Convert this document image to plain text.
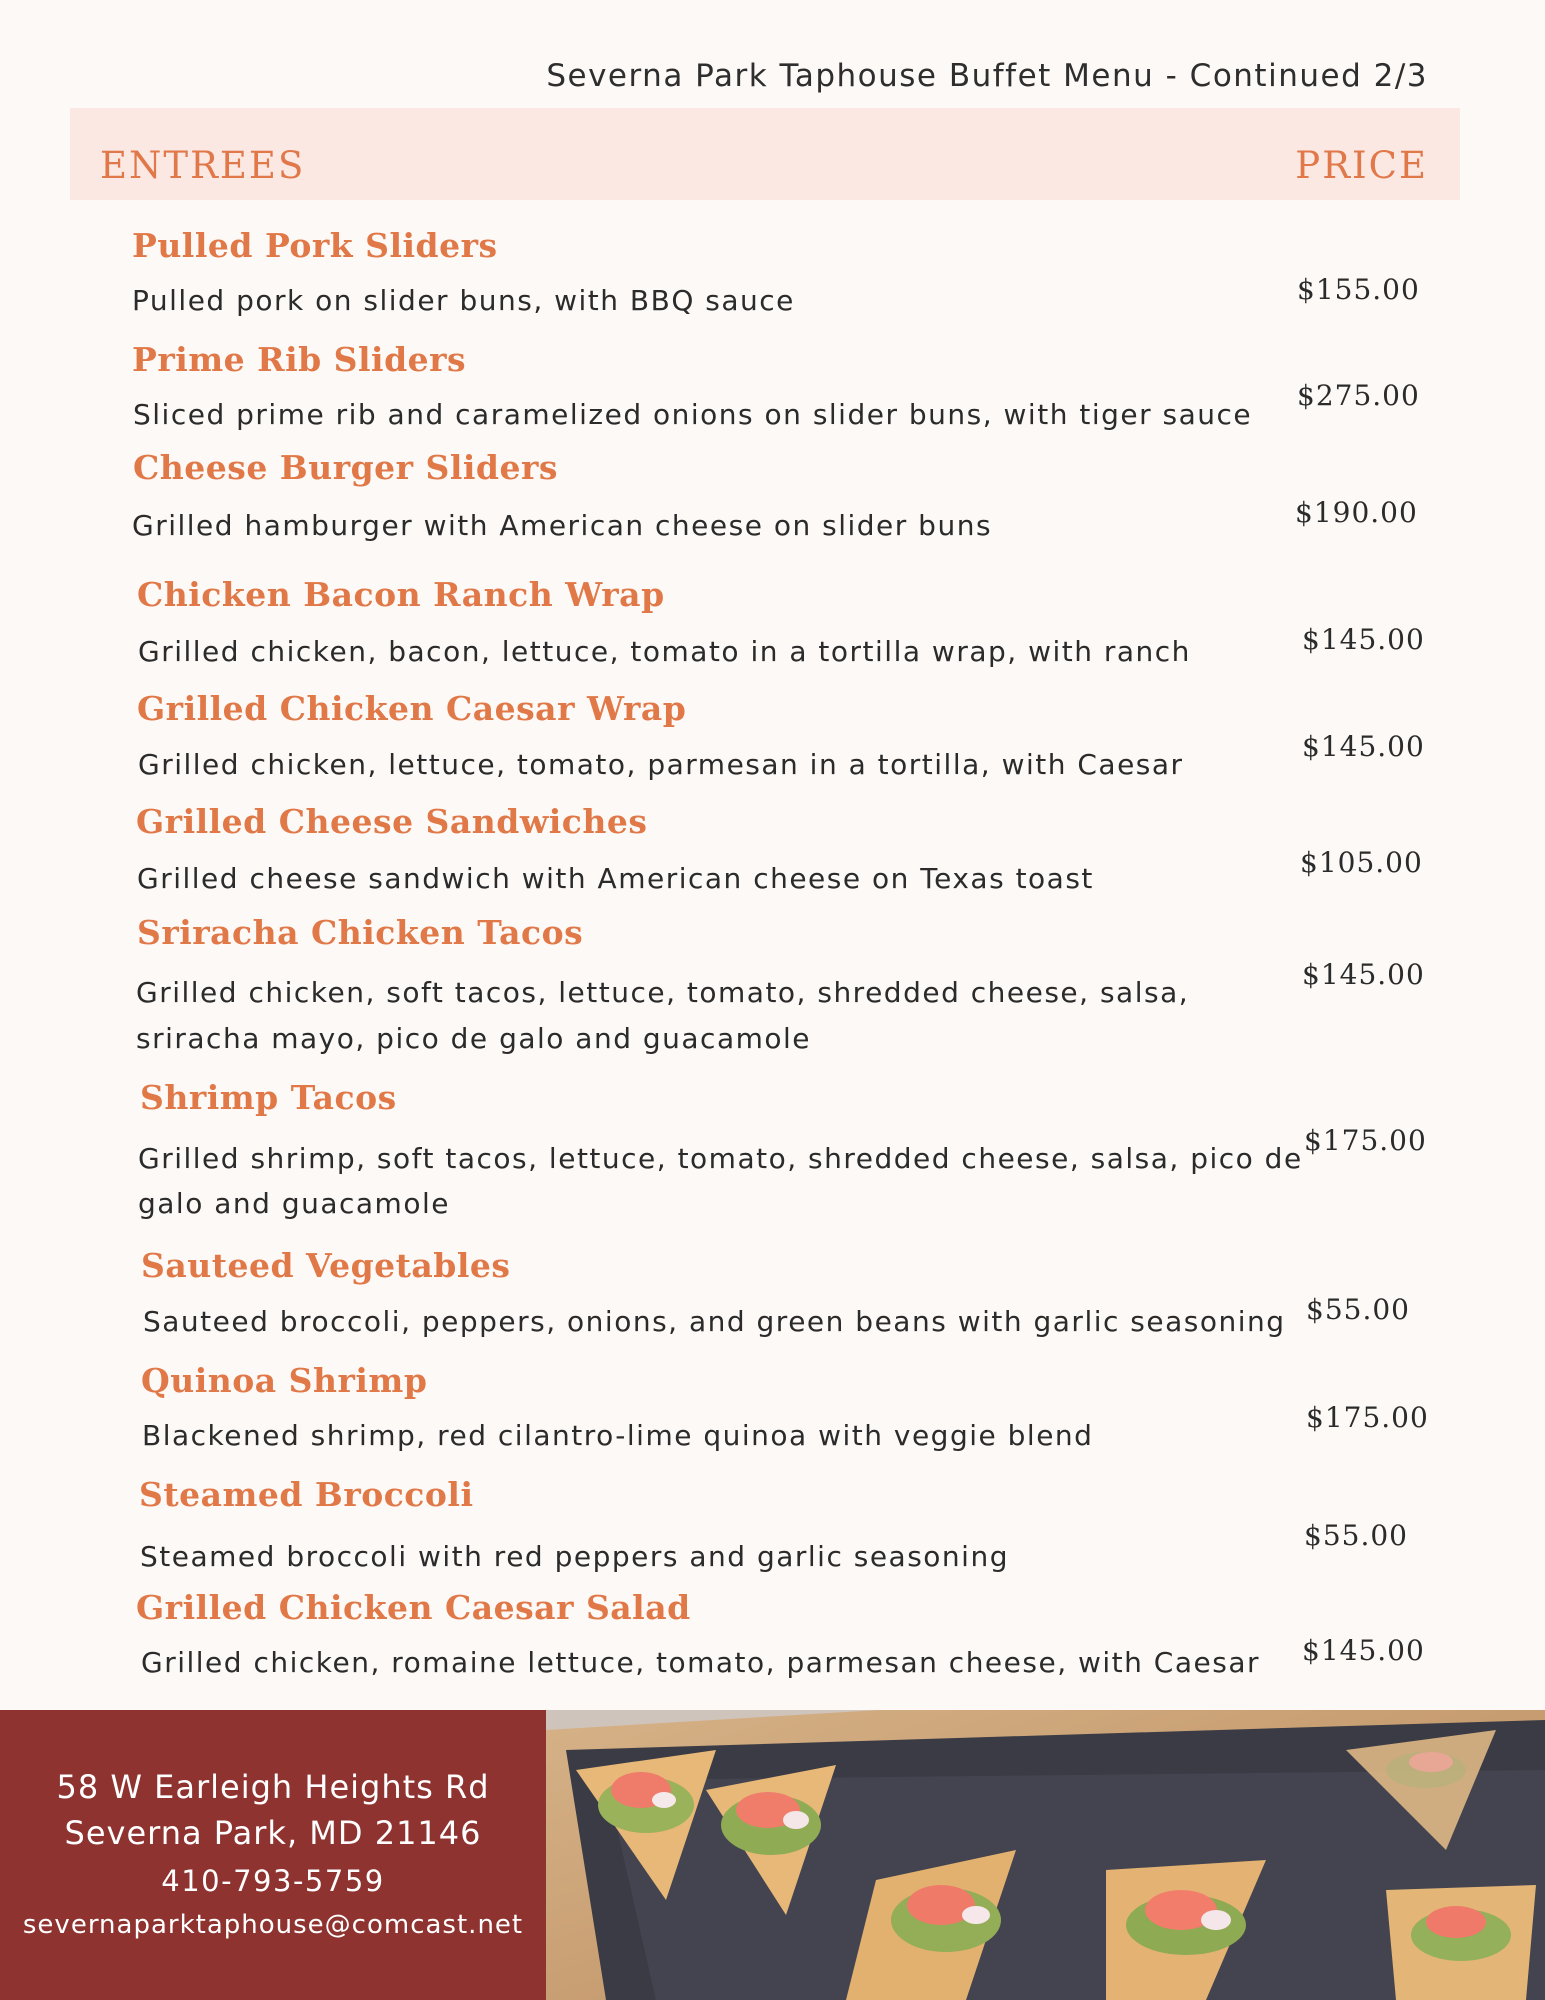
Severna Park Taphouse Buffet Menu - Continued 2/3
ENTREES	PRICE
Pulled Pork Sliders
Pulled pork on slider buns, with BBQ sauce	$155.00
Prime Rib Sliders
Sliced prime rib and caramelized onions on slider buns, with tiger sauce
$275.00
Cheese Burger Sliders
Grilled hamburger with American cheese on slider buns	$190.00
Chicken Bacon Ranch Wrap
Grilled chicken, bacon, lettuce, tomato in a tortilla wrap, with ranch	$145.00
Grilled Chicken Caesar Wrap
Grilled chicken, lettuce, tomato, parmesan in a tortilla, with Caesar
$145.00
Grilled Cheese Sandwiches
Grilled cheese sandwich with American cheese on Texas toast	$105.00
Sriracha Chicken Tacos
Grilled chicken, soft tacos, lettuce, tomato, shredded cheese, salsa,
sriracha mayo, pico de galo and guacamole
$145.00
Shrimp Tacos
Grilled shrimp, soft tacos, lettuce, tomato, shredded cheese, salsa, pico de
galo and guacamole
$175.00
Sauteed Vegetables
Sauteed broccoli, peppers, onions, and green beans with garlic seasoning $55.00
Quinoa Shrimp
Blackened shrimp, red cilantro-lime quinoa with veggie blend
$175.00
Steamed Broccoli
Steamed broccoli with red peppers and garlic seasoning
$55.00
Grilled Chicken Caesar Salad
Grilled chicken, romaine lettuce, tomato, parmesan cheese, with Caesar $145.00
58 W Earleigh Heights Rd
Severna Park, MD 21146
410-793-5759
severnaparktaphouse@comcast.net
